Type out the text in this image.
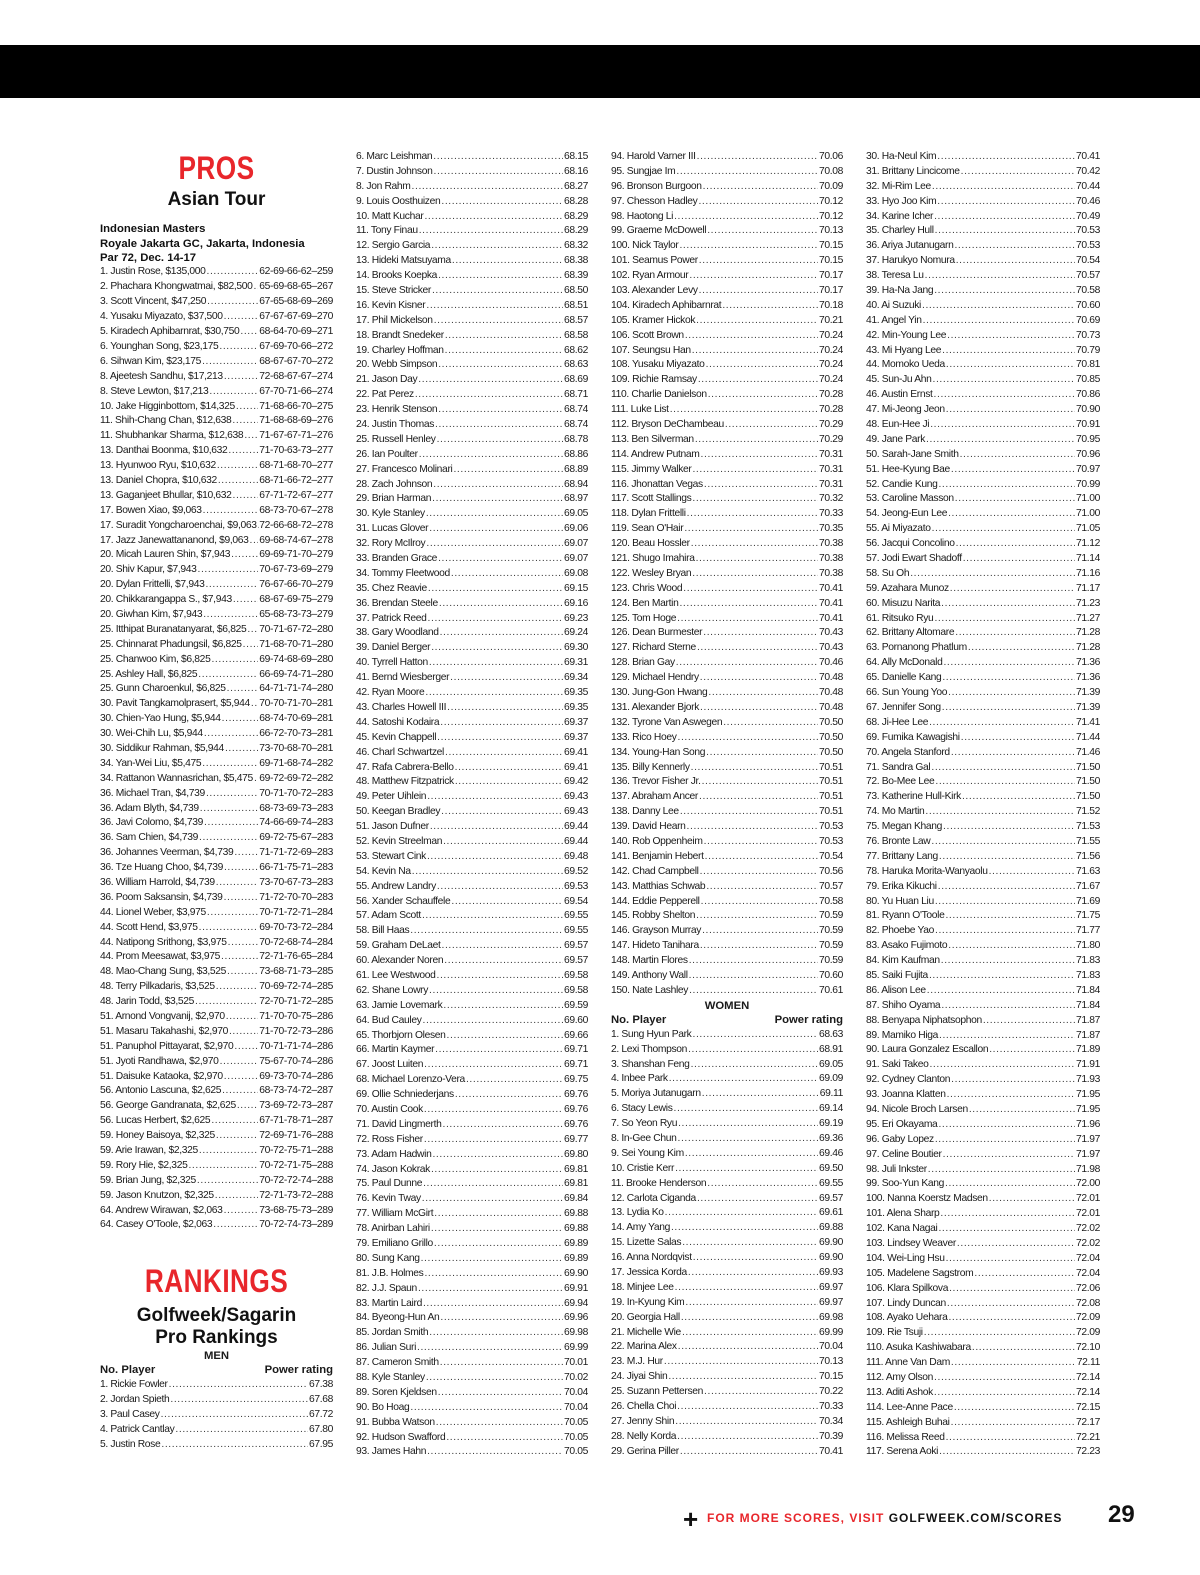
PROS
Asian Tour
Indonesian Masters
Royale Jakarta GC, Jakarta, Indonesia
Par 72, Dec. 14-17
1. Justin Rose, $135,000 .....	62-69-66-62–259
2. Phachara Khongwatmai, $82,500 ..... 65-69-68-65–267
3. Scott Vincent, $47,250 .....	67-65-68-69–269
4. Yusaku Miyazato, $37,500 .....	67-67-67-69–270
5. Kiradech Aphibarnrat, $30,750 ..... 68-64-70-69–271
6. Younghan Song, $23,175 .....	67-69-70-66–272
6. Sihwan Kim, $23,175 .....	68-67-67-70–272
8. Ajeetesh Sandhu, $17,213 .....	72-68-67-67–274
8. Steve Lewton, $17,213 .....	67-70-71-66–274
10. Jake Higginbottom, $14,325 ..... 71-68-66-70–275
11. Shih-Chang Chan, $12,638 .....	71-68-68-69–276
11. Shubhankar Sharma, $12,638 ..... 71-67-67-71–276
13. Danthai Boonma, $10,632 .....	71-70-63-73–277
13. Hyunwoo Ryu, $10,632 .....	68-71-68-70–277
13. Daniel Chopra, $10,632 .....	68-71-66-72–277
13. Gaganjeet Bhullar, $10,632 .....	67-71-72-67–277
17. Bowen Xiao, $9,063 .....	68-73-70-67–278
17. Suradit Yongcharoenchai, $9,063 ..... 72-66-68-72–278
17. Jazz Janewattananond, $9,063 ..... 69-68-74-67–278
20. Micah Lauren Shin, $7,943 .....	69-69-71-70–279
20. Shiv Kapur, $7,943 .....	70-67-73-69–279
20. Dylan Frittelli, $7,943 .....	76-67-66-70–279
20. Chikkarangappa S., $7,943 .....	68-67-69-75–279
20. Giwhan Kim, $7,943 .....	65-68-73-73–279
25. Itthipat Buranatanyarat, $6,825 ..... 70-71-67-72–280
25. Chinnarat Phadungsil, $6,825 ..... 71-68-70-71–280
25. Chanwoo Kim, $6,825 .....	69-74-68-69–280
25. Ashley Hall, $6,825 .....	66-69-74-71–280
25. Gunn Charoenkul, $6,825 .....	64-71-71-74–280
30. Pavit Tangkamolprasert, $5,944 ..... 70-70-71-70–281
30. Chien-Yao Hung, $5,944 .....	68-74-70-69–281
30. Wei-Chih Lu, $5,944 .....	66-72-70-73–281
30. Siddikur Rahman, $5,944 .....	73-70-68-70–281
34. Yan-Wei Liu, $5,475 .....	69-71-68-74–282
34. Rattanon Wannasrichan, $5,475 ..... 69-72-69-72–282
36. Michael Tran, $4,739 .....	70-71-70-72–283
36. Adam Blyth, $4,739 .....	68-73-69-73–283
36. Javi Colomo, $4,739 .....	74-66-69-74–283
36. Sam Chien, $4,739 .....	69-72-75-67–283
36. Johannes Veerman, $4,739 .....	71-71-72-69–283
36. Tze Huang Choo, $4,739 .....	66-71-75-71–283
36. William Harrold, $4,739 .....	73-70-67-73–283
36. Poom Saksansin, $4,739 .....	71-72-70-70–283
44. Lionel Weber, $3,975 .....	70-71-72-71–284
44. Scott Hend, $3,975 .....	69-70-73-72–284
44. Natipong Srithong, $3,975 .....	70-72-68-74–284
44. Prom Meesawat, $3,975 .....	72-71-76-65–284
48. Mao-Chang Sung, $3,525 .....	73-68-71-73–285
48. Terry Pilkadaris, $3,525 .....	70-69-72-74–285
48. Jarin Todd, $3,525 .....	72-70-71-72–285
51. Arnond Vongvanij, $2,970 .....	71-70-70-75–286
51. Masaru Takahashi, $2,970 .....	71-70-72-73–286
51. Panuphol Pittayarat, $2,970 .....	70-71-71-74–286
51. Jyoti Randhawa, $2,970 .....	75-67-70-74–286
51. Daisuke Kataoka, $2,970 .....	69-73-70-74–286
56. Antonio Lascuna, $2,625 .....	68-73-74-72–287
56. George Gandranata, $2,625 ..... 73-69-72-73–287
56. Lucas Herbert, $2,625 .....	67-71-78-71–287
59. Honey Baisoya, $2,325 .....	72-69-71-76–288
59. Arie Irawan, $2,325 .....	70-72-75-71–288
59. Rory Hie, $2,325 .....	70-72-71-75–288
59. Brian Jung, $2,325 .....	70-72-72-74–288
59. Jason Knutzon, $2,325 .....	72-71-73-72–288
64. Andrew Wirawan, $2,063 .....	73-68-75-73–289
64. Casey O'Toole, $2,063 .....	70-72-74-73–289
RANKINGS
Golfweek/Sagarin
Pro Rankings
MEN
No. Player	Power rating
1. Rickie Fowler .....	67.38
2. Jordan Spieth .....	67.68
3. Paul Casey .....	67.72
4. Patrick Cantlay .....	67.80
5. Justin Rose .....	67.95
6. Marc Leishman .....	68.15
7. Dustin Johnson .....	68.16
8. Jon Rahm .....	68.27
9. Louis Oosthuizen .....	68.28
10. Matt Kuchar .....	68.29
11. Tony Finau .....	68.29
12. Sergio Garcia .....	68.32
13. Hideki Matsuyama .....	68.38
14. Brooks Koepka .....	68.39
15. Steve Stricker .....	68.50
16. Kevin Kisner .....	68.51
17. Phil Mickelson .....	68.57
18. Brandt Snedeker .....	68.58
19. Charley Hoffman .....	68.62
20. Webb Simpson .....	68.63
21. Jason Day .....	68.69
22. Pat Perez .....	68.71
23. Henrik Stenson .....	68.74
24. Justin Thomas .....	68.74
25. Russell Henley .....	68.78
26. Ian Poulter .....	68.86
27. Francesco Molinari .....	68.89
28. Zach Johnson .....	68.94
29. Brian Harman .....	68.97
30. Kyle Stanley .....	69.05
31. Lucas Glover .....	69.06
32. Rory McIlroy .....	69.07
33. Branden Grace .....	69.07
34. Tommy Fleetwood .....	69.08
35. Chez Reavie .....	69.15
36. Brendan Steele .....	69.16
37. Patrick Reed .....	69.23
38. Gary Woodland .....	69.24
39. Daniel Berger .....	69.30
40. Tyrrell Hatton .....	69.31
41. Bernd Wiesberger .....	69.34
42. Ryan Moore .....	69.35
43. Charles Howell III .....	69.35
44. Satoshi Kodaira .....	69.37
45. Kevin Chappell .....	69.37
46. Charl Schwartzel .....	69.41
47. Rafa Cabrera-Bello .....	69.41
48. Matthew Fitzpatrick .....	69.42
49. Peter Uihlein .....	69.43
50. Keegan Bradley .....	69.43
51. Jason Dufner .....	69.44
52. Kevin Streelman .....	69.44
53. Stewart Cink .....	69.48
54. Kevin Na .....	69.52
55. Andrew Landry .....	69.53
56. Xander Schauffele .....	69.54
57. Adam Scott .....	69.55
58. Bill Haas .....	69.55
59. Graham DeLaet .....	69.57
60. Alexander Noren .....	69.57
61. Lee Westwood .....	69.58
62. Shane Lowry .....	69.58
63. Jamie Lovemark .....	69.59
64. Bud Cauley .....	69.60
65. Thorbjorn Olesen .....	69.66
66. Martin Kaymer .....	69.71
67. Joost Luiten .....	69.71
68. Michael Lorenzo-Vera .....	69.75
69. Ollie Schniederjans .....	69.76
70. Austin Cook .....	69.76
71. David Lingmerth .....	69.76
72. Ross Fisher .....	69.77
73. Adam Hadwin .....	69.80
74. Jason Kokrak .....	69.81
75. Paul Dunne .....	69.81
76. Kevin Tway .....	69.84
77. William McGirt .....	69.88
78. Anirban Lahiri .....	69.88
79. Emiliano Grillo .....	69.89
80. Sung Kang .....	69.89
81. J.B. Holmes .....	69.90
82. J.J. Spaun .....	69.91
83. Martin Laird .....	69.94
84. Byeong-Hun An .....	69.96
85. Jordan Smith .....	69.98
86. Julian Suri .....	69.99
87. Cameron Smith .....	70.01
88. Kyle Stanley .....	70.02
89. Soren Kjeldsen .....	70.04
90. Bo Hoag .....	70.04
91. Bubba Watson .....	70.05
92. Hudson Swafford .....	70.05
93. James Hahn .....	70.05
94. Harold Varner III .....	70.06
95. Sungjae Im .....	70.08
96. Bronson Burgoon .....	70.09
97. Chesson Hadley .....	70.12
98. Haotong Li .....	70.12
99. Graeme McDowell .....	70.13
100. Nick Taylor .....	70.15
101. Seamus Power .....	70.15
102. Ryan Armour .....	70.17
103. Alexander Levy .....	70.17
104. Kiradech Aphibarnrat .....	70.18
105. Kramer Hickok .....	70.21
106. Scott Brown .....	70.24
107. Seungsu Han .....	70.24
108. Yusaku Miyazato .....	70.24
109. Richie Ramsay .....	70.24
110. Charlie Danielson .....	70.28
111. Luke List .....	70.28
112. Bryson DeChambeau .....	70.29
113. Ben Silverman .....	70.29
114. Andrew Putnam .....	70.31
115. Jimmy Walker .....	70.31
116. Jhonattan Vegas .....	70.31
117. Scott Stallings .....	70.32
118. Dylan Frittelli .....	70.33
119. Sean O'Hair .....	70.35
120. Beau Hossler .....	70.38
121. Shugo Imahira .....	70.38
122. Wesley Bryan .....	70.38
123. Chris Wood .....	70.41
124. Ben Martin .....	70.41
125. Tom Hoge .....	70.41
126. Dean Burmester .....	70.43
127. Richard Sterne .....	70.43
128. Brian Gay .....	70.46
129. Michael Hendry .....	70.48
130. Jung-Gon Hwang .....	70.48
131. Alexander Bjork .....	70.48
132. Tyrone Van Aswegen .....	70.50
133. Rico Hoey .....	70.50
134. Young-Han Song .....	70.50
135. Billy Kennerly .....	70.51
136. Trevor Fisher Jr. .....	70.51
137. Abraham Ancer .....	70.51
138. Danny Lee .....	70.51
139. David Hearn .....	70.53
140. Rob Oppenheim .....	70.53
141. Benjamin Hebert .....	70.54
142. Chad Campbell .....	70.56
143. Matthias Schwab .....	70.57
144. Eddie Pepperell .....	70.58
145. Robby Shelton .....	70.59
146. Grayson Murray .....	70.59
147. Hideto Tanihara .....	70.59
148. Martin Flores .....	70.59
149. Anthony Wall .....	70.60
150. Nate Lashley .....	70.61
WOMEN
No. Player	Power rating
1. Sung Hyun Park .....	68.63
2. Lexi Thompson .....	68.91
3. Shanshan Feng .....	69.05
4. Inbee Park .....	69.09
5. Moriya Jutanugarn .....	69.11
6. Stacy Lewis .....	69.14
7. So Yeon Ryu .....	69.19
8. In-Gee Chun .....	69.36
9. Sei Young Kim .....	69.46
10. Cristie Kerr .....	69.50
11. Brooke Henderson .....	69.55
12. Carlota Ciganda .....	69.57
13. Lydia Ko .....	69.61
14. Amy Yang .....	69.88
15. Lizette Salas .....	69.90
16. Anna Nordqvist .....	69.90
17. Jessica Korda .....	69.93
18. Minjee Lee .....	69.97
19. In-Kyung Kim .....	69.97
20. Georgia Hall .....	69.98
21. Michelle Wie .....	69.99
22. Marina Alex .....	70.04
23. M.J. Hur .....	70.13
24. Jiyai Shin .....	70.15
25. Suzann Pettersen .....	70.22
26. Chella Choi .....	70.33
27. Jenny Shin .....	70.34
28. Nelly Korda .....	70.39
29. Gerina Piller .....	70.41
30. Ha-Neul Kim .....	70.41
31. Brittany Lincicome .....	70.42
32. Mi-Rim Lee .....	70.44
33. Hyo Joo Kim .....	70.46
34. Karine Icher .....	70.49
35. Charley Hull .....	70.53
36. Ariya Jutanugarn .....	70.53
37. Harukyo Nomura .....	70.54
38. Teresa Lu .....	70.57
39. Ha-Na Jang .....	70.58
40. Ai Suzuki .....	70.60
41. Angel Yin .....	70.69
42. Min-Young Lee .....	70.73
43. Mi Hyang Lee .....	70.79
44. Momoko Ueda .....	70.81
45. Sun-Ju Ahn .....	70.85
46. Austin Ernst .....	70.86
47. Mi-Jeong Jeon .....	70.90
48. Eun-Hee Ji .....	70.91
49. Jane Park .....	70.95
50. Sarah-Jane Smith .....	70.96
51. Hee-Kyung Bae .....	70.97
52. Candie Kung .....	70.99
53. Caroline Masson .....	71.00
54. Jeong-Eun Lee .....	71.00
55. Ai Miyazato .....	71.05
56. Jacqui Concolino .....	71.12
57. Jodi Ewart Shadoff .....	71.14
58. Su Oh .....	71.16
59. Azahara Munoz .....	71.17
60. Misuzu Narita .....	71.23
61. Ritsuko Ryu .....	71.27
62. Brittany Altomare .....	71.28
63. Pornanong Phatlum .....	71.28
64. Ally McDonald .....	71.36
65. Danielle Kang .....	71.36
66. Sun Young Yoo .....	71.39
67. Jennifer Song .....	71.39
68. Ji-Hee Lee .....	71.41
69. Fumika Kawagishi .....	71.44
70. Angela Stanford .....	71.46
71. Sandra Gal .....	71.50
72. Bo-Mee Lee .....	71.50
73. Katherine Hull-Kirk .....	71.50
74. Mo Martin .....	71.52
75. Megan Khang .....	71.53
76. Bronte Law .....	71.55
77. Brittany Lang .....	71.56
78. Haruka Morita-Wanyaolu .....	71.63
79. Erika Kikuchi .....	71.67
80. Yu Huan Liu .....	71.69
81. Ryann O'Toole .....	71.75
82. Phoebe Yao .....	71.77
83. Asako Fujimoto .....	71.80
84. Kim Kaufman .....	71.83
85. Saiki Fujita .....	71.83
86. Alison Lee .....	71.84
87. Shiho Oyama .....	71.84
88. Benyapa Niphatsophon .....	71.87
89. Mamiko Higa .....	71.87
90. Laura Gonzalez Escallon .....	71.89
91. Saki Takeo .....	71.91
92. Cydney Clanton .....	71.93
93. Joanna Klatten .....	71.95
94. Nicole Broch Larsen .....	71.95
95. Eri Okayama .....	71.96
96. Gaby Lopez .....	71.97
97. Celine Boutier .....	71.97
98. Juli Inkster .....	71.98
99. Soo-Yun Kang .....	72.00
100. Nanna Koerstz Madsen .....	72.01
101. Alena Sharp .....	72.01
102. Kana Nagai .....	72.02
103. Lindsey Weaver .....	72.02
104. Wei-Ling Hsu .....	72.04
105. Madelene Sagstrom .....	72.04
106. Klara Spilkova .....	72.06
107. Lindy Duncan .....	72.08
108. Ayako Uehara .....	72.09
109. Rie Tsuji .....	72.09
110. Asuka Kashiwabara .....	72.10
111. Anne Van Dam .....	72.11
112. Amy Olson .....	72.14
113. Aditi Ashok .....	72.14
114. Lee-Anne Pace .....	72.15
115. Ashleigh Buhai .....	72.17
116. Melissa Reed .....	72.21
117. Serena Aoki .....	72.23
+ FOR MORE SCORES, VISIT GOLFWEEK.COM/SCORES 29
